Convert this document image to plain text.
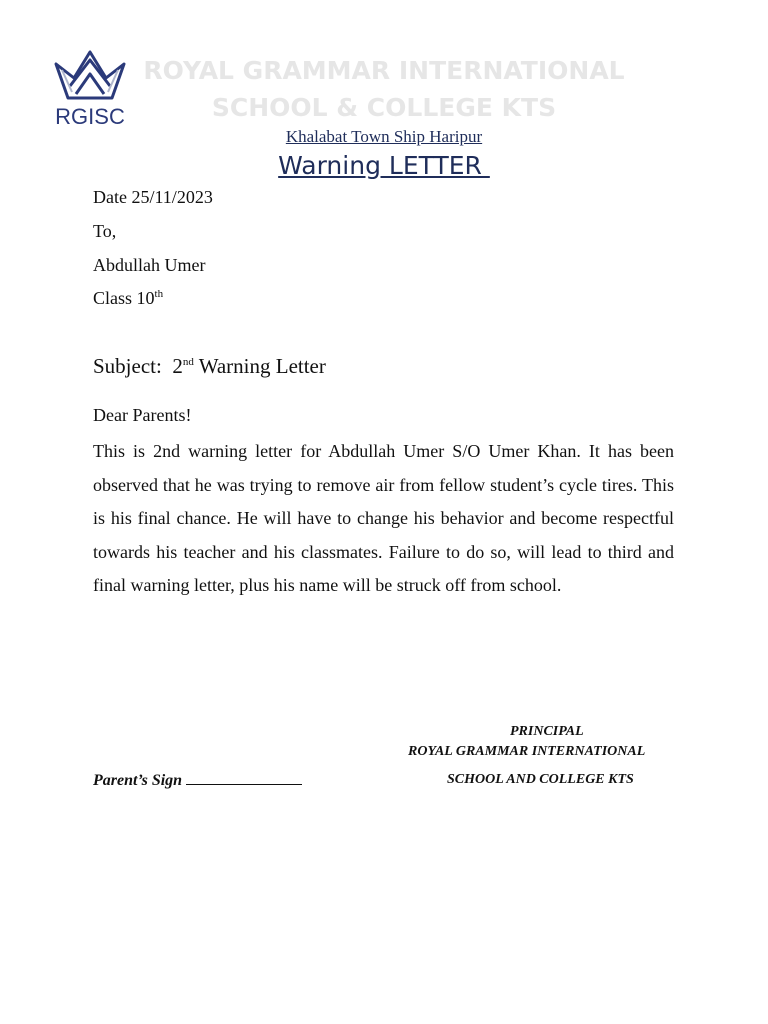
RGISC
ROYAL GRAMMAR INTERNATIONAL
SCHOOL & COLLEGE KTS
Khalabat Town Ship Haripur
Warning LETTER
Date 25/11/2023
To,
Abdullah Umer
Class 10th
Subject:  2nd Warning Letter
Dear Parents!
This is 2nd warning letter for Abdullah Umer S/O Umer Khan. It has been observed that he was trying to remove air from fellow student’s cycle tires. This is his final chance. He will have to change his behavior and become respectful towards his teacher and his classmates. Failure to do so, will lead to third and final warning letter, plus his name will be struck off from school.
PRINCIPAL
ROYAL GRAMMAR INTERNATIONAL
SCHOOL AND COLLEGE KTS
Parent’s Sign
